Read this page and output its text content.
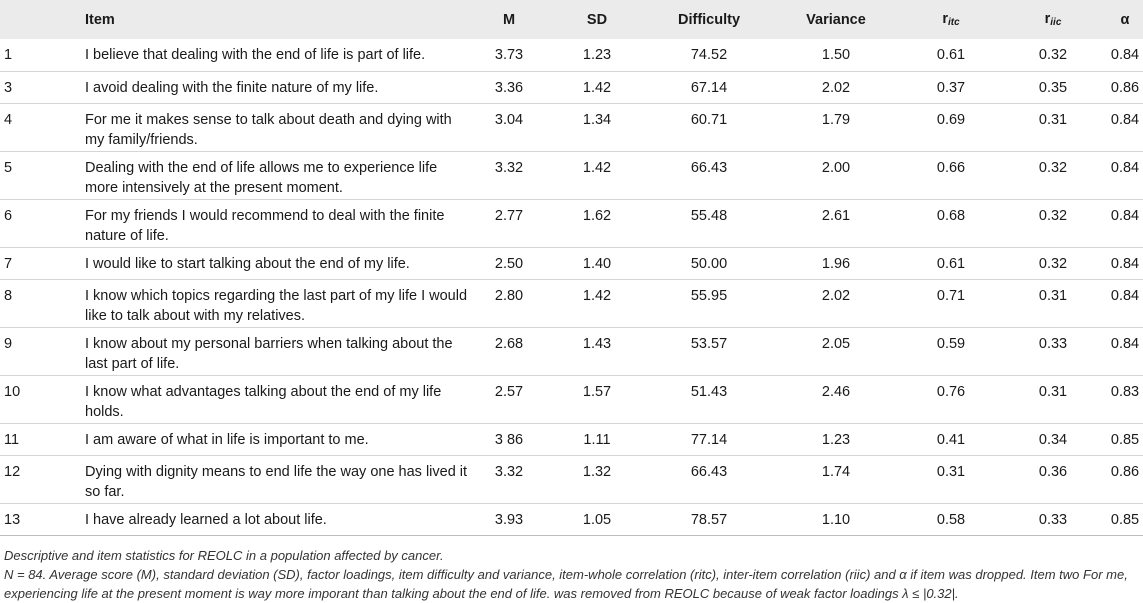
	Item	M	SD	Difficulty	Variance	$r_{itc}$	$r_{iic}$	α
1	I believe that dealing with the end of life is part of life.	3.73	1.23	74.52	1.50	0.61	0.32	0.84
3	I avoid dealing with the finite nature of my life.	3.36	1.42	67.14	2.02	0.37	0.35	0.86
4	For me it makes sense to talk about death and dying with my family/friends.	3.04	1.34	60.71	1.79	0.69	0.31	0.84
5	Dealing with the end of life allows me to experience life more intensively at the present moment.	3.32	1.42	66.43	2.00	0.66	0.32	0.84
6	For my friends I would recommend to deal with the finite nature of life.	2.77	1.62	55.48	2.61	0.68	0.32	0.84
7	I would like to start talking about the end of my life.	2.50	1.40	50.00	1.96	0.61	0.32	0.84
8	I know which topics regarding the last part of my life I would like to talk about with my relatives.	2.80	1.42	55.95	2.02	0.71	0.31	0.84
9	I know about my personal barriers when talking about the last part of life.	2.68	1.43	53.57	2.05	0.59	0.33	0.84
10	I know what advantages talking about the end of my life holds.	2.57	1.57	51.43	2.46	0.76	0.31	0.83
11	I am aware of what in life is important to me.	3 86	1.11	77.14	1.23	0.41	0.34	0.85
12	Dying with dignity means to end life the way one has lived it so far.	3.32	1.32	66.43	1.74	0.31	0.36	0.86
13	I have already learned a lot about life.	3.93	1.05	78.57	1.10	0.58	0.33	0.85

Descriptive and item statistics for REOLC in a population affected by cancer.

N = 84. Average score (M), standard deviation (SD), factor loadings, item difficulty and variance, item-whole correlation (ritc), inter-item correlation (riic) and α if item was dropped. Item two For me, experiencing life at the present moment is way more imporant than talking about the end of life. was removed from REOLC because of weak factor loadings λ ≤ |0.32|.
